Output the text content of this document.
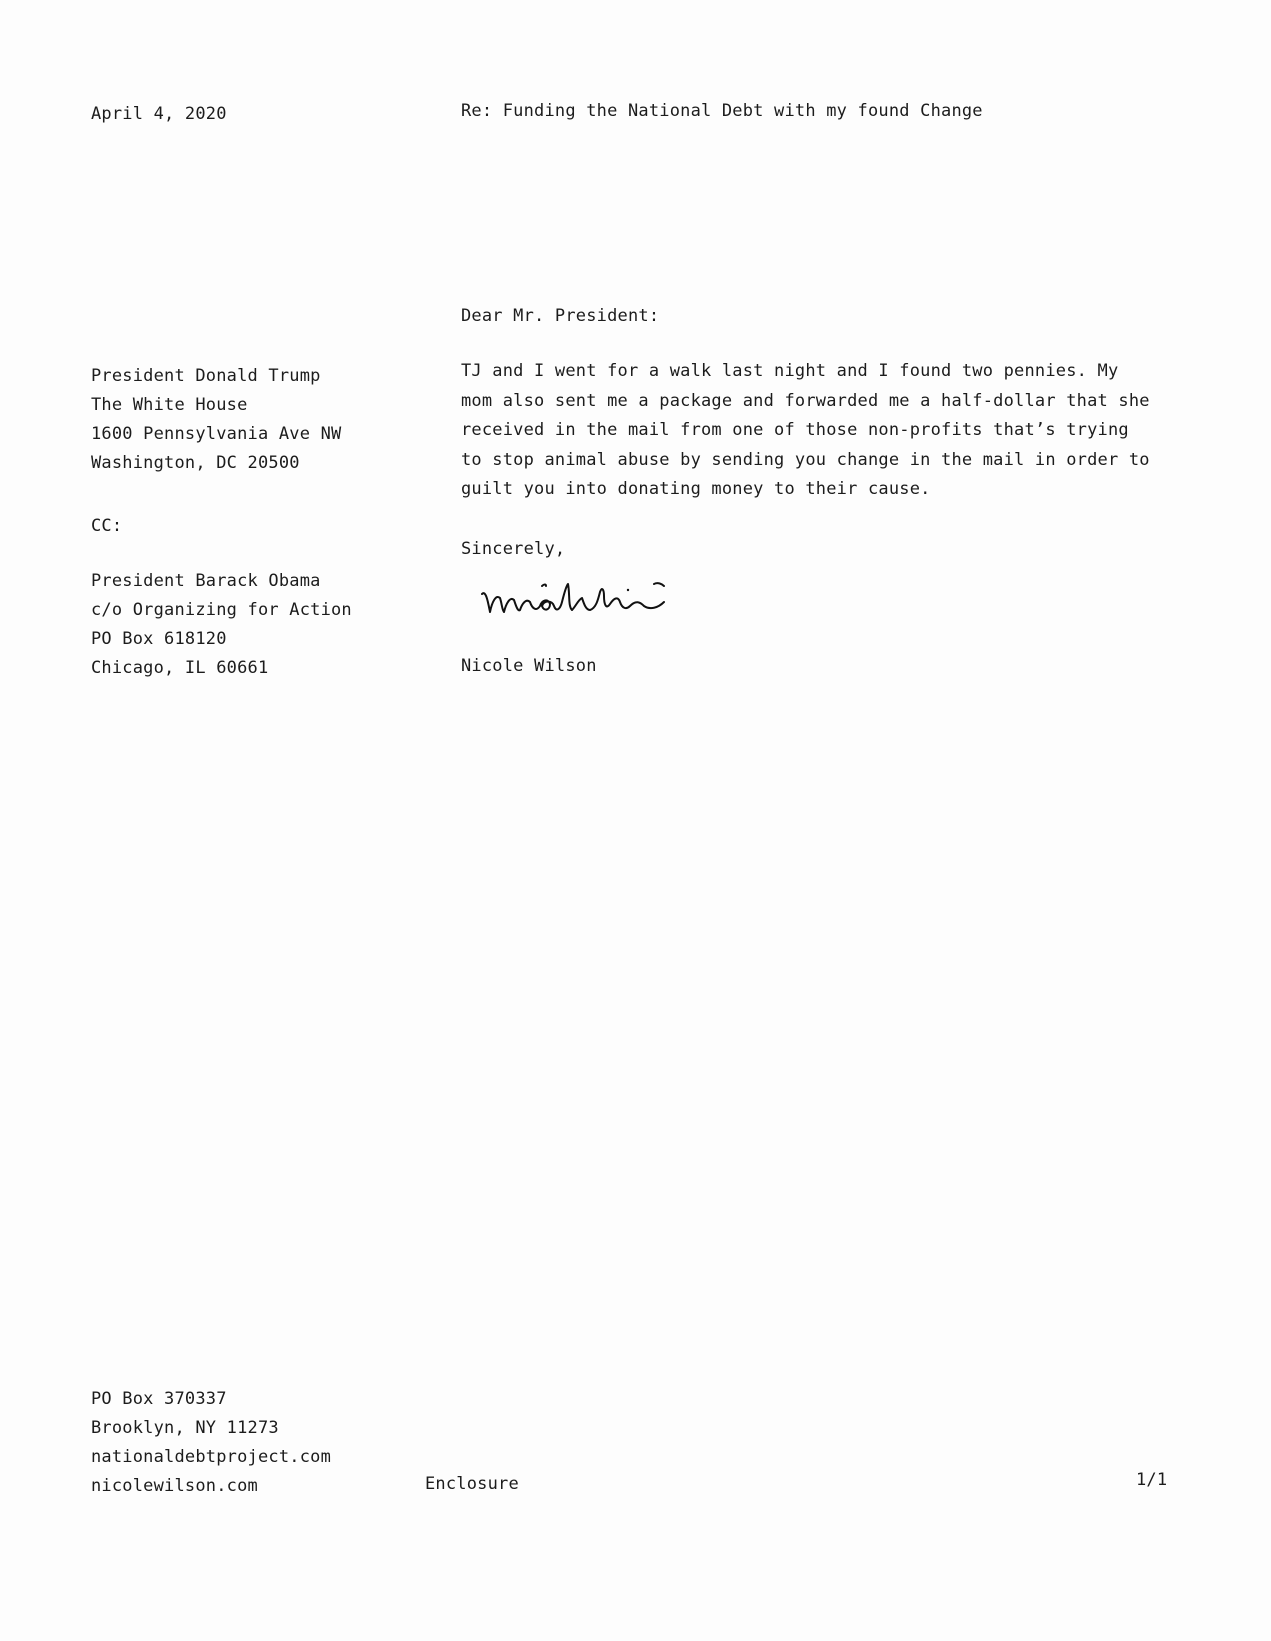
April 4, 2020	Re: Funding the National Debt with my found Change
Dear Mr. President:
President Donald Trump
The White House
1600 Pennsylvania Ave NW
Washington, DC 20500
CC:
President Barack Obama
c/o Organizing for Action
PO Box 618120
Chicago, IL 60661
TJ and I went for a walk last night and I found two pennies. My
mom also sent me a package and forwarded me a half-dollar that she
received in the mail from one of those non-profits that’s trying
to stop animal abuse by sending you change in the mail in order to
guilt you into donating money to their cause.
Sincerely,
Nicole Wilson
PO Box 370337
Brooklyn, NY 11273
nationaldebtproject.com
nicolewilson.com	Enclosure	1/1
